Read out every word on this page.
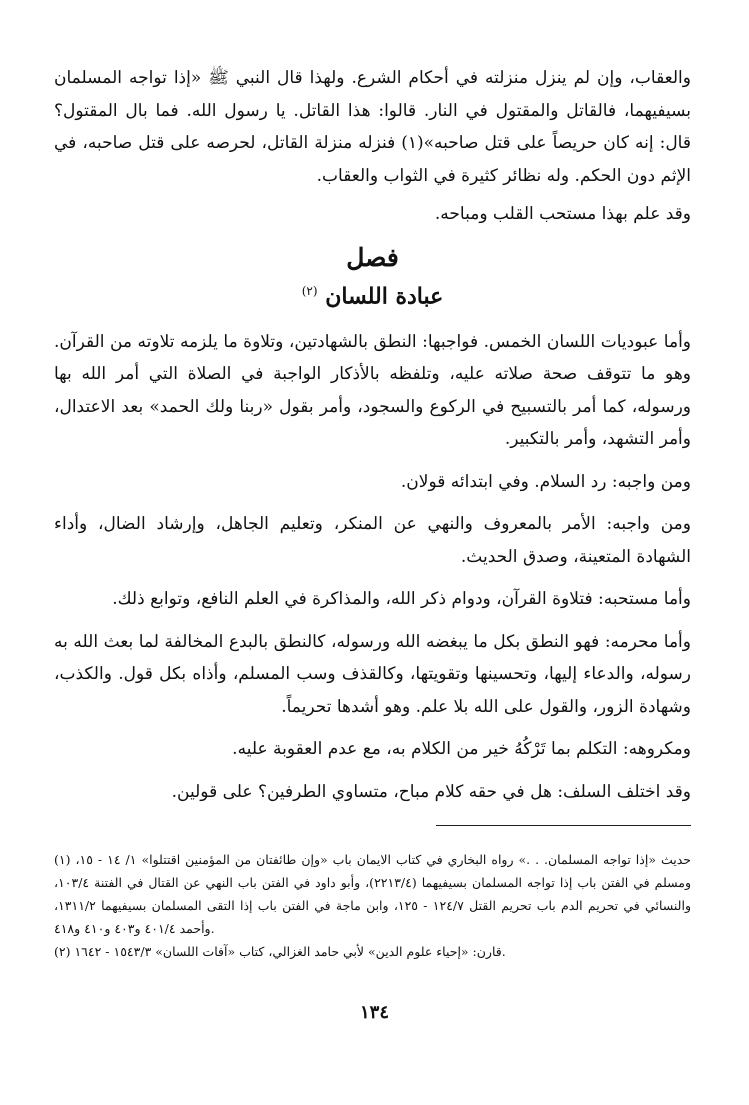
والعقاب، وإن لم ينزل منزلته في أحكام الشرع. ولهذا قال النبي ﷺ «إذا تواجه المسلمان بسيفيهما، فالقاتل والمقتول في النار. قالوا: هذا القاتل. يا رسول الله. فما بال المقتول؟ قال: إنه كان حريصاً على قتل صاحبه»(١) فنزله منزلة القاتل، لحرصه على قتل صاحبه، في الإثم دون الحكم. وله نظائر كثيرة في الثواب والعقاب.

وقد علم بهذا مستحب القلب ومباحه.

فصل
عبادة اللسان $^{(٢)}$

وأما عبوديات اللسان الخمس. فواجبها: النطق بالشهادتين، وتلاوة ما يلزمه تلاوته من القرآن. وهو ما تتوقف صحة صلاته عليه، وتلفظه بالأذكار الواجبة في الصلاة التي أمر الله بها ورسوله، كما أمر بالتسبيح في الركوع والسجود، وأمر بقول «ربنا ولك الحمد» بعد الاعتدال، وأمر التشهد، وأمر بالتكبير.

ومن واجبه: رد السلام. وفي ابتدائه قولان.

ومن واجبه: الأمر بالمعروف والنهي عن المنكر، وتعليم الجاهل، وإرشاد الضال، وأداء الشهادة المتعينة، وصدق الحديث.

وأما مستحبه: فتلاوة القرآن، ودوام ذكر الله، والمذاكرة في العلم النافع، وتوابع ذلك.

وأما محرمه: فهو النطق بكل ما يبغضه الله ورسوله، كالنطق بالبدع المخالفة لما بعث الله به رسوله، والدعاء إليها، وتحسينها وتقويتها، وكالقذف وسب المسلم، وأذاه بكل قول. والكذب، وشهادة الزور، والقول على الله بلا علم. وهو أشدها تحريماً.

ومكروهه: التكلم بما تَرْكُهُ خير من الكلام به، مع عدم العقوبة عليه.

وقد اختلف السلف: هل في حقه كلام مباح، متساوي الطرفين؟ على قولين.

(١) حديث «إذا تواجه المسلمان. . .» رواه البخاري في كتاب الايمان باب «وإن طائفتان من المؤمنين اقتتلوا» ١/ ١٤ - ١٥، ومسلم في الفتن باب إذا تواجه المسلمان بسيفيهما (٢٢١٣/٤)، وأبو داود في الفتن باب النهي عن القتال في الفتنة ١٠٣/٤، والنسائي في تحريم الدم باب تحريم القتل ١٢٤/٧ - ١٢٥، وابن ماجة في الفتن باب إذا التقى المسلمان بسيفيهما ١٣١١/٢، وأحمد ٤٠١/٤ و٤٠٣ و٤١٠ و٤١٨.

(٢) قارن: «إحياء علوم الدين» لأبي حامد الغزالي، كتاب «آفات اللسان» ١٥٤٣/٣ - ١٦٤٢.

١٣٤
